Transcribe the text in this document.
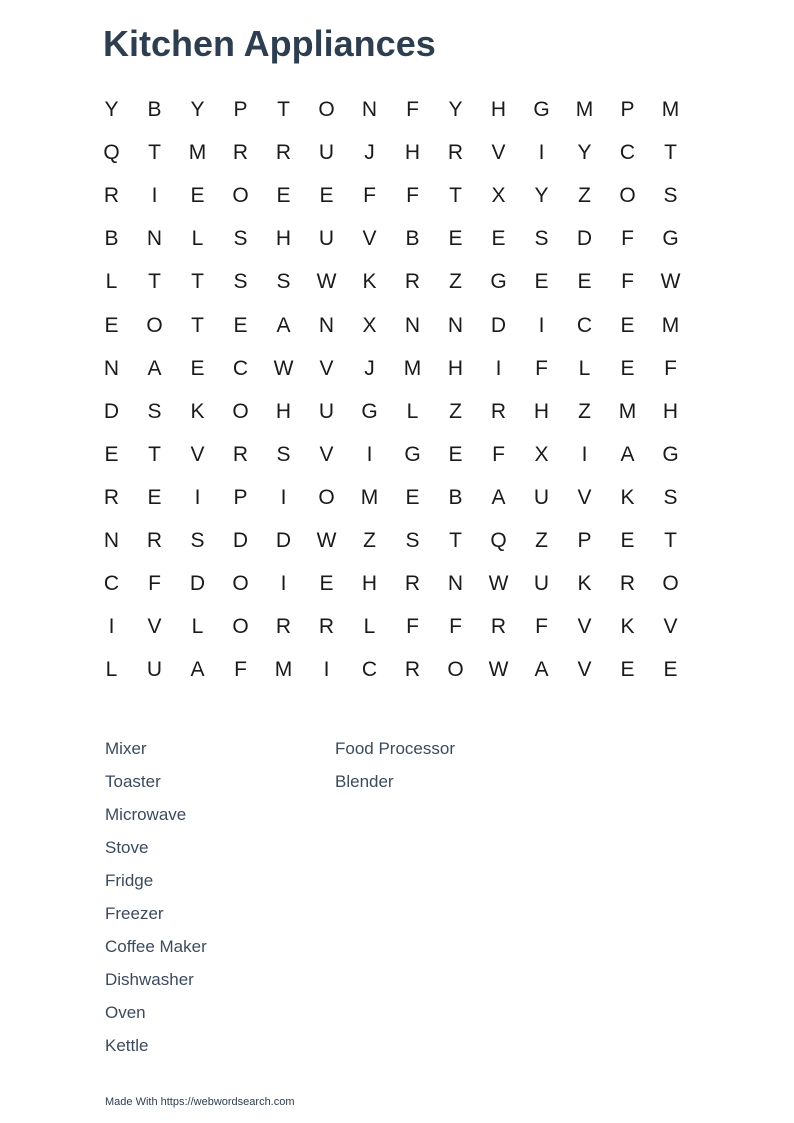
Kitchen Appliances
Y	B	Y	P	T	O	N	F	Y	H	G	M	P	M
Q	T	M	R	R	U	J	H	R	V	I	Y	C	T
R	I	E	O	E	E	F	F	T	X	Y	Z	O	S
B	N	L	S	H	U	V	B	E	E	S	D	F	G
L	T	T	S	S	W	K	R	Z	G	E	E	F	W
E	O	T	E	A	N	X	N	N	D	I	C	E	M
N	A	E	C	W	V	J	M	H	I	F	L	E	F
D	S	K	O	H	U	G	L	Z	R	H	Z	M	H
E	T	V	R	S	V	I	G	E	F	X	I	A	G
R	E	I	P	I	O	M	E	B	A	U	V	K	S
N	R	S	D	D	W	Z	S	T	Q	Z	P	E	T
C	F	D	O	I	E	H	R	N	W	U	K	R	O
I	V	L	O	R	R	L	F	F	R	F	V	K	V
L	U	A	F	M	I	C	R	O	W	A	V	E	E
Mixer
Toaster
Microwave
Stove
Fridge
Freezer
Coffee Maker
Dishwasher
Oven
Kettle
Food Processor
Blender
Made With https://webwordsearch.com
